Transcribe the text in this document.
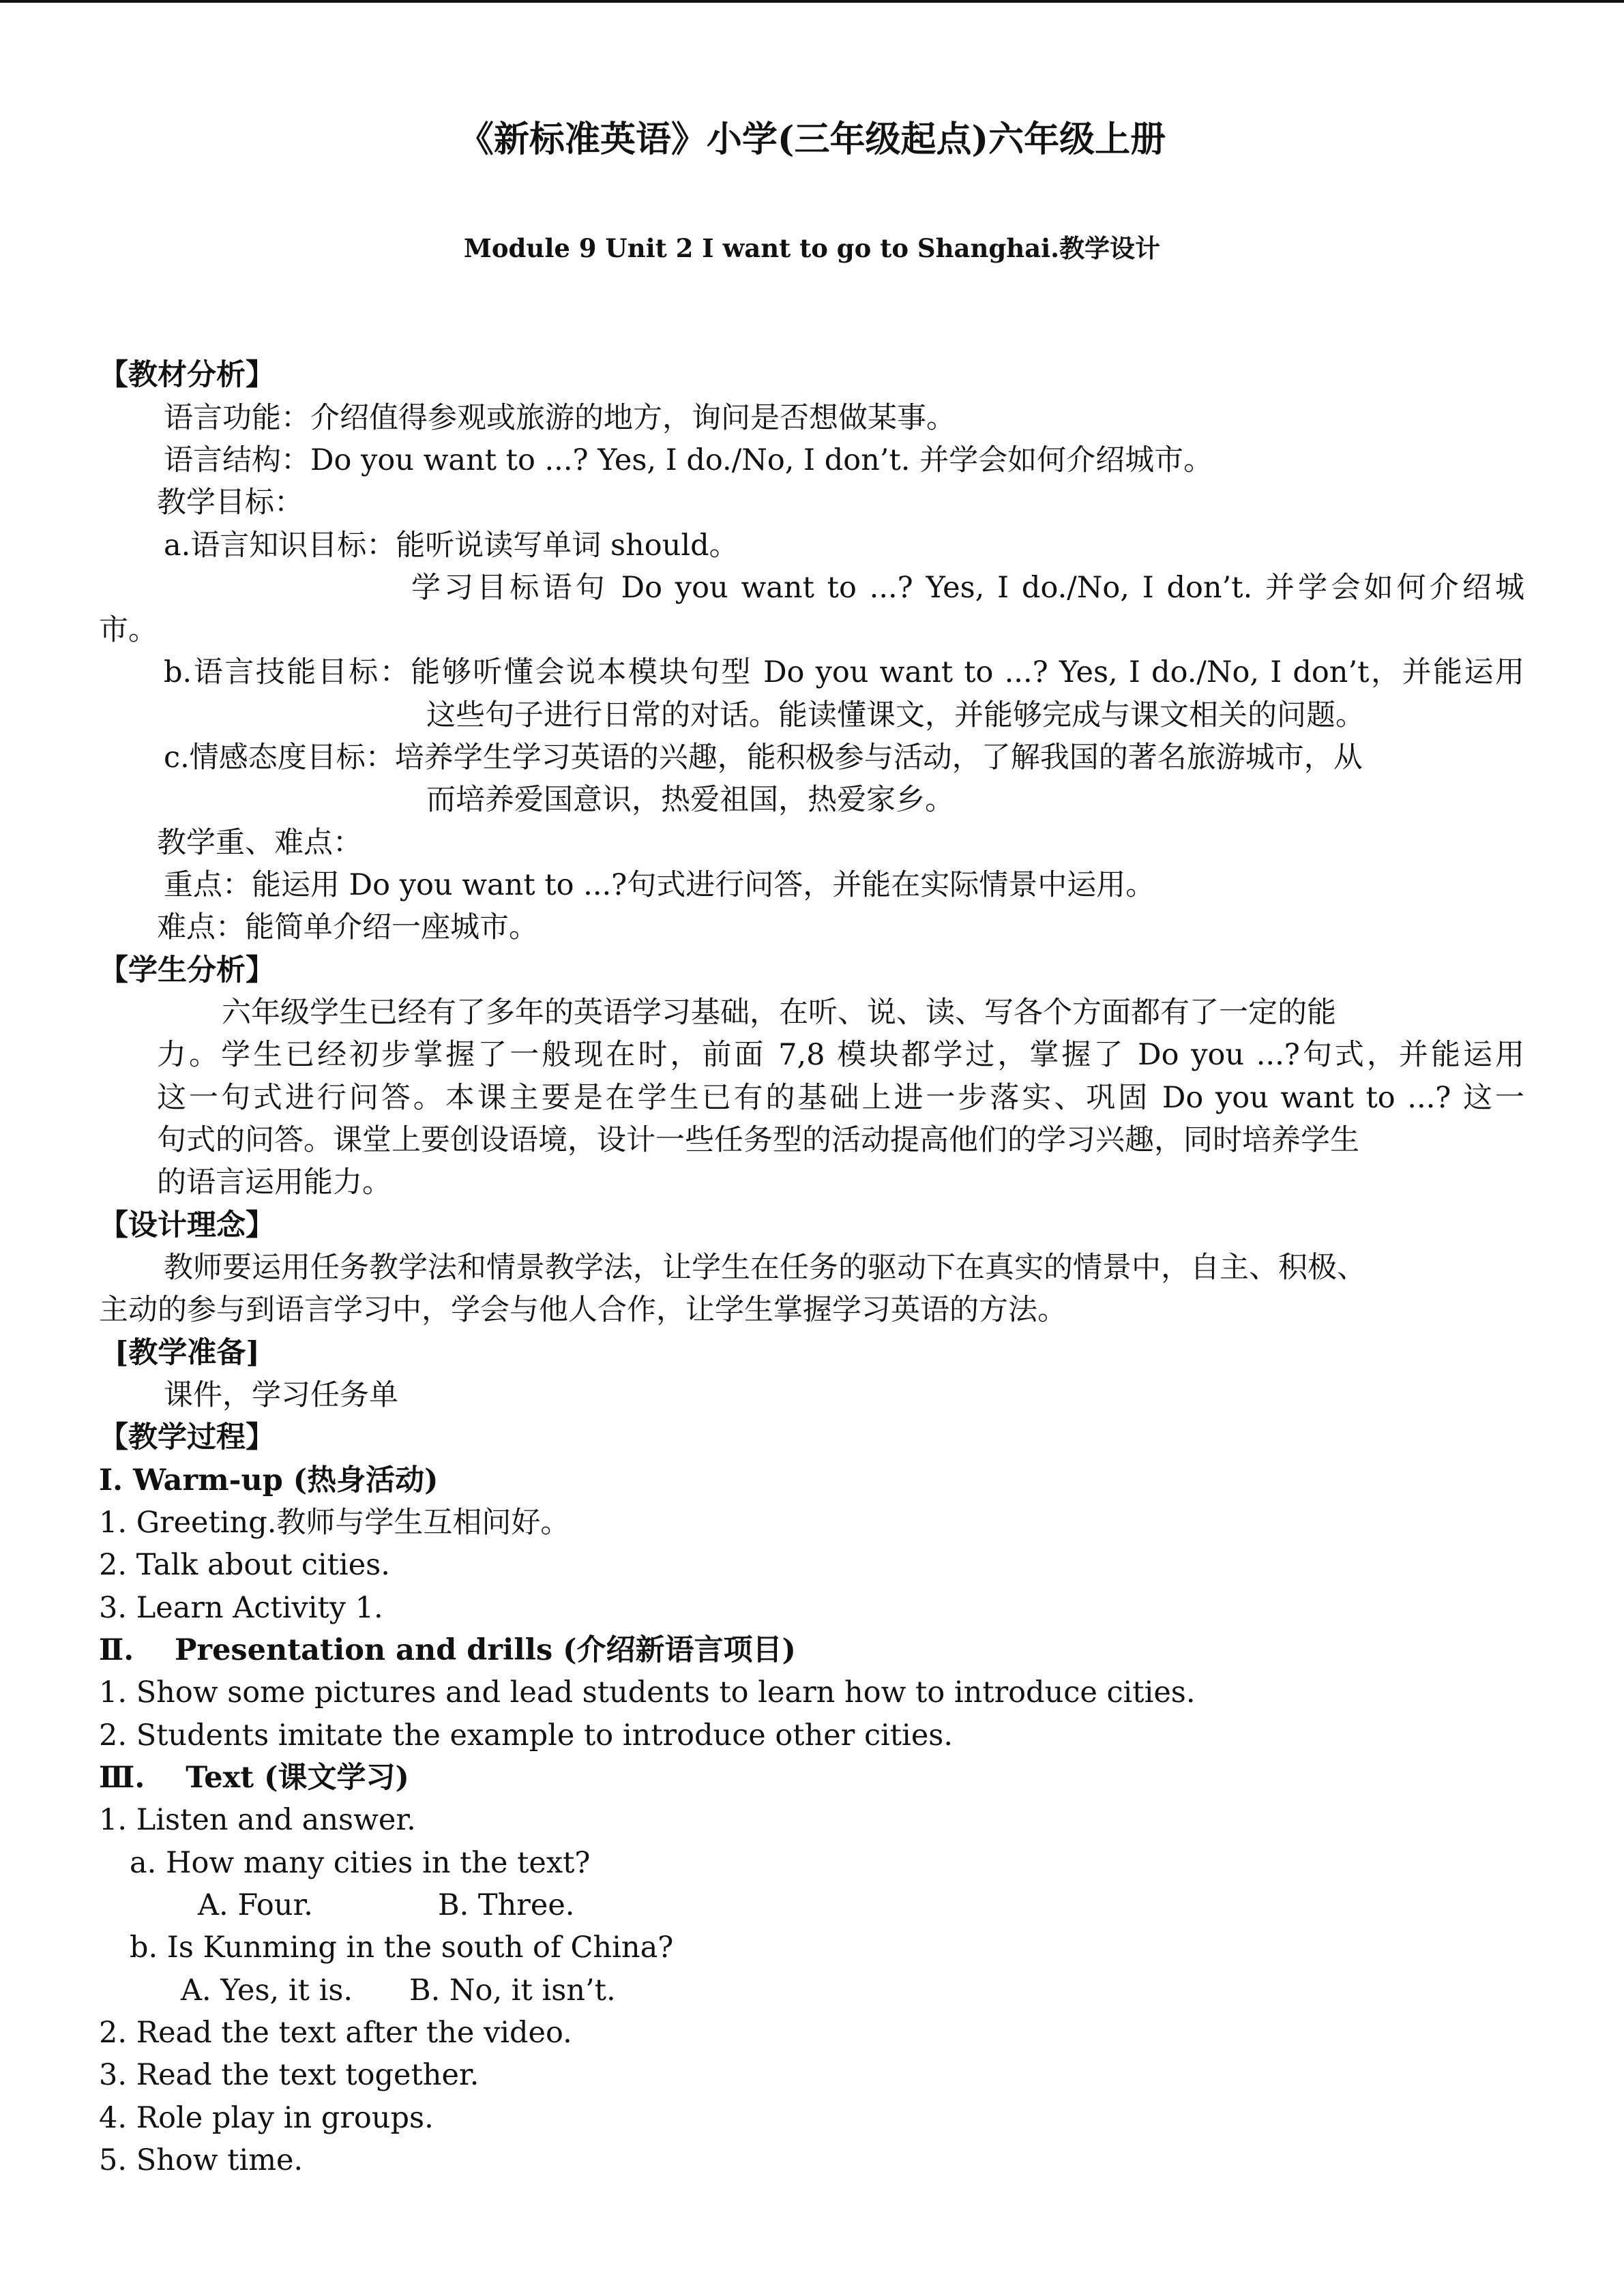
《新标准英语》小学(三年级起点)六年级上册
Module 9 Unit 2 I want to go to Shanghai.教学设计
【教材分析】
语言功能：介绍值得参观或旅游的地方，询问是否想做某事。
语言结构：Do you want to ...? Yes, I do./No, I don’t. 并学会如何介绍城市。
教学目标：
a.语言知识目标：能听说读写单词 should。
学习目标语句 Do you want to ...? Yes, I do./No, I don’t. 并学会如何介绍城
市。
b.语言技能目标：能够听懂会说本模块句型 Do you want to ...? Yes, I do./No, I don’t，并能运用
这些句子进行日常的对话。能读懂课文，并能够完成与课文相关的问题。
c.情感态度目标：培养学生学习英语的兴趣，能积极参与活动，了解我国的著名旅游城市，从
而培养爱国意识，热爱祖国，热爱家乡。
教学重、难点：
重点：能运用 Do you want to ...?句式进行问答，并能在实际情景中运用。
难点：能简单介绍一座城市。
【学生分析】
六年级学生已经有了多年的英语学习基础，在听、说、读、写各个方面都有了一定的能
力。学生已经初步掌握了一般现在时，前面 7,8 模块都学过，掌握了 Do you ...?句式，并能运用
这一句式进行问答。本课主要是在学生已有的基础上进一步落实、巩固 Do you want to ...? 这一
句式的问答。课堂上要创设语境，设计一些任务型的活动提高他们的学习兴趣，同时培养学生
的语言运用能力。
【设计理念】
教师要运用任务教学法和情景教学法，让学生在任务的驱动下在真实的情景中，自主、积极、
主动的参与到语言学习中，学会与他人合作，让学生掌握学习英语的方法。
[教学准备]
课件，学习任务单
【教学过程】
Ⅰ. Warm-up (热身活动)
1. Greeting.教师与学生互相问好。
2. Talk about cities.
3. Learn Activity 1.
Ⅱ.    Presentation and drills (介绍新语言项目)
1. Show some pictures and lead students to learn how to introduce cities.
2. Students imitate the example to introduce other cities.
Ⅲ.    Text (课文学习)
1. Listen and answer.
a. How many cities in the text?
A. Four.	B. Three.
b. Is Kunming in the south of China?
A. Yes, it is. B. No, it isn’t.
2. Read the text after the video.
3. Read the text together.
4. Role play in groups.
5. Show time.
